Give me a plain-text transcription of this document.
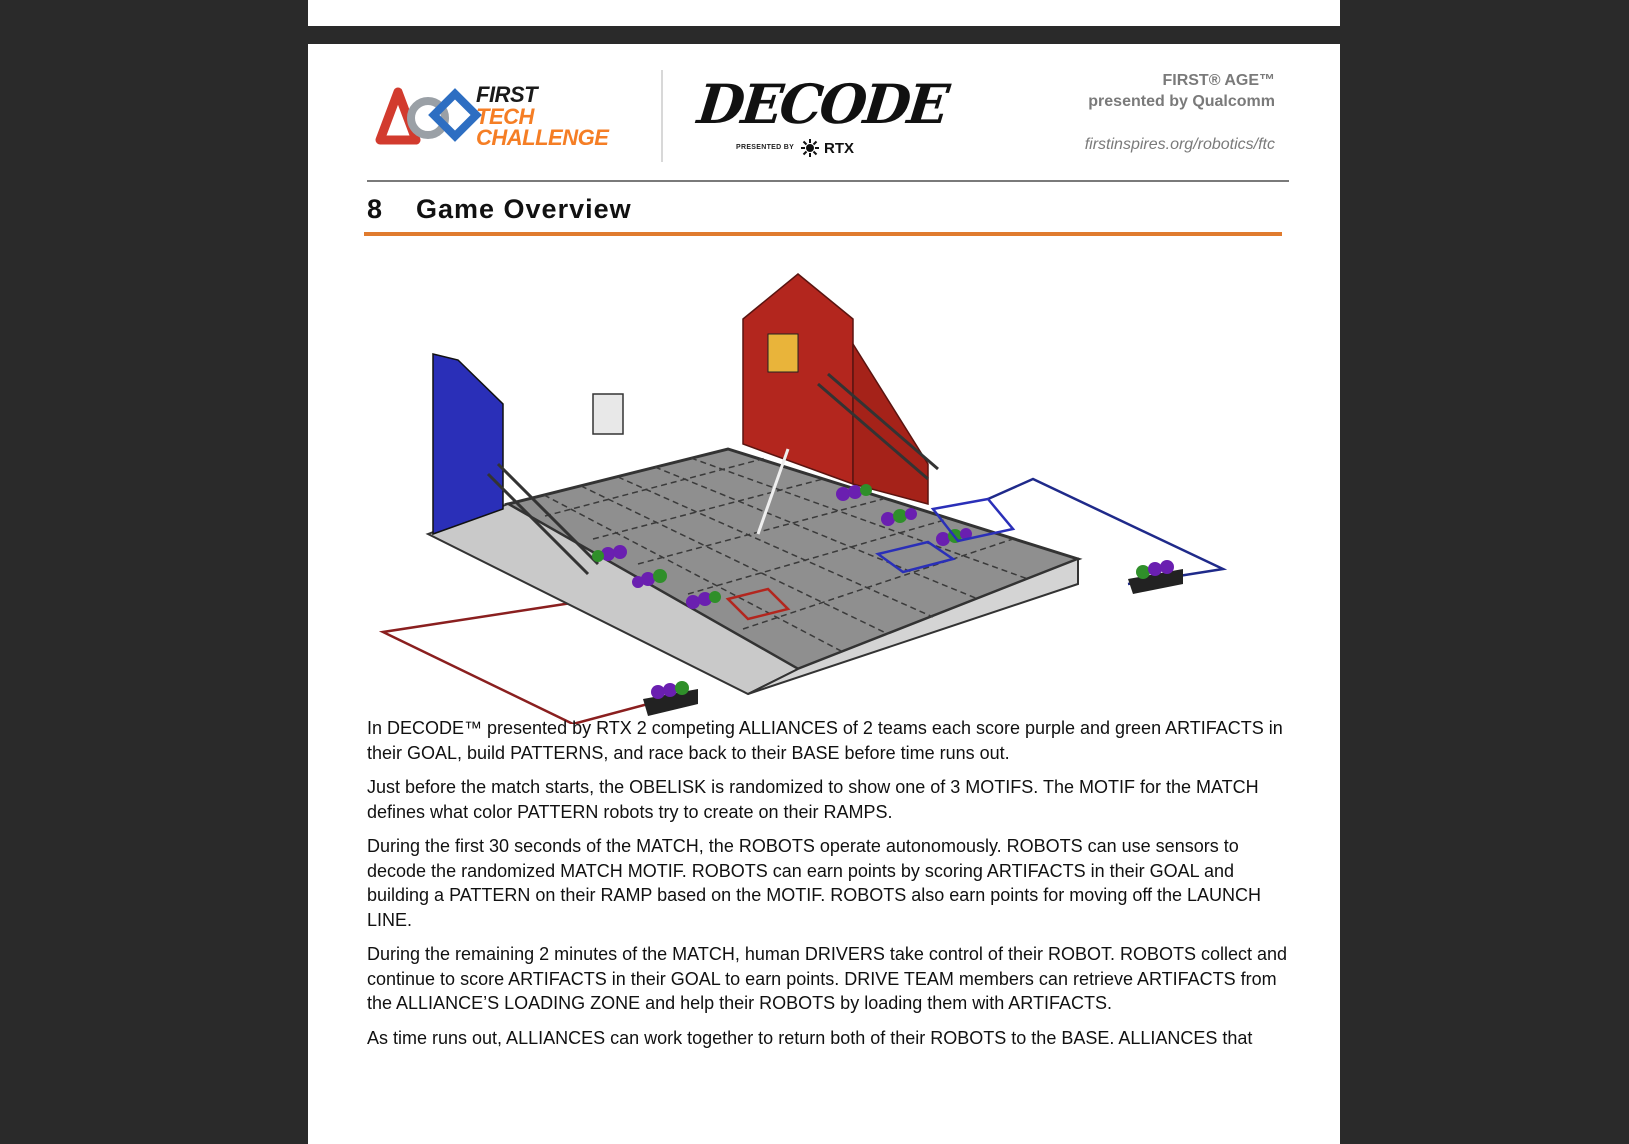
FIRST
TECH
CHALLENGE
DECODE
PRESENTED BY RTX
FIRST® AGE™
presented by Qualcomm
firstinspires.org/robotics/ftc
8 Game Overview

In DECODE™ presented by RTX 2 competing ALLIANCES of 2 teams each score purple and green ARTIFACTS in their GOAL, build PATTERNS, and race back to their BASE before time runs out.

Just before the match starts, the OBELISK is randomized to show one of 3 MOTIFS. The MOTIF for the MATCH defines what color PATTERN robots try to create on their RAMPS.

During the first 30 seconds of the MATCH, the ROBOTS operate autonomously. ROBOTS can use sensors to decode the randomized MATCH MOTIF. ROBOTS can earn points by scoring ARTIFACTS in their GOAL and building a PATTERN on their RAMP based on the MOTIF. ROBOTS also earn points for moving off the LAUNCH LINE.

During the remaining 2 minutes of the MATCH, human DRIVERS take control of their ROBOT. ROBOTS collect and continue to score ARTIFACTS in their GOAL to earn points. DRIVE TEAM members can retrieve ARTIFACTS from the ALLIANCE’S LOADING ZONE and help their ROBOTS by loading them with ARTIFACTS.

As time runs out, ALLIANCES can work together to return both of their ROBOTS to the BASE. ALLIANCES that
